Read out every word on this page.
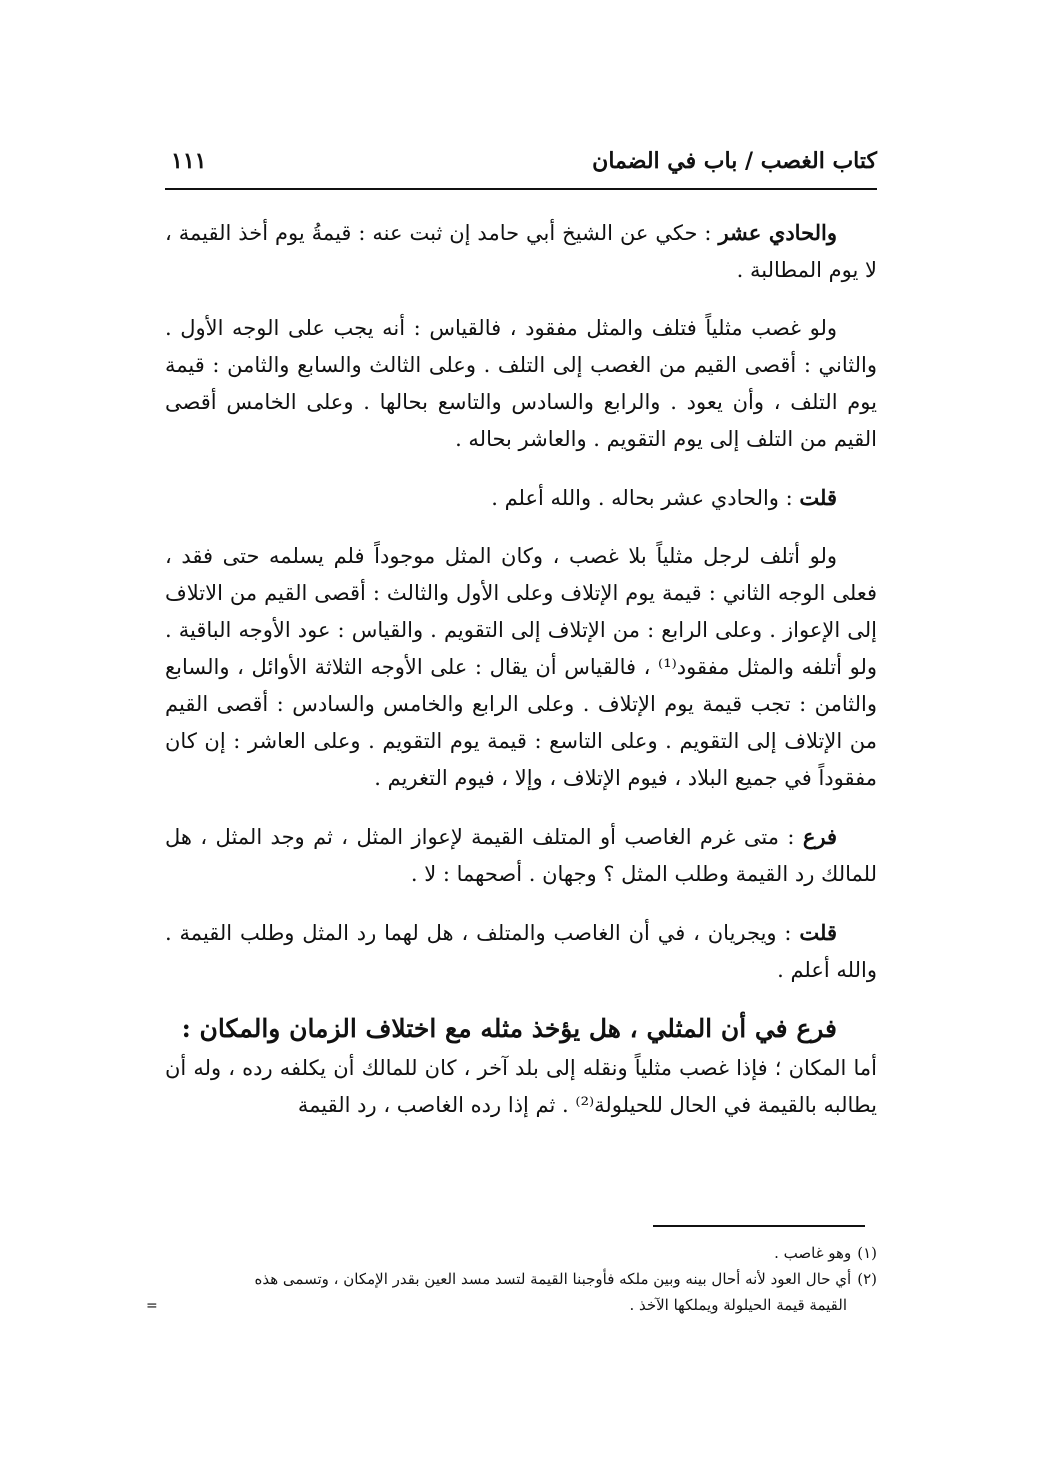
كتاب الغصب / باب في الضمان
١١١

والحادي عشر : حكي عن الشيخ أبي حامد إن ثبت عنه : قيمةُ يوم أخذ القيمة ، لا يوم المطالبة .

ولو غصب مثلياً فتلف والمثل مفقود ، فالقياس : أنه يجب على الوجه الأول . والثاني : أقصى القيم من الغصب إلى التلف . وعلى الثالث والسابع والثامن : قيمة يوم التلف ، وأن يعود . والرابع والسادس والتاسع بحالها . وعلى الخامس أقصى القيم من التلف إلى يوم التقويم . والعاشر بحاله .

قلت : والحادي عشر بحاله . والله أعلم .

ولو أتلف لرجل مثلياً بلا غصب ، وكان المثل موجوداً فلم يسلمه حتى فقد ، فعلى الوجه الثاني : قيمة يوم الإتلاف وعلى الأول والثالث : أقصى القيم من الاتلاف إلى الإعواز . وعلى الرابع : من الإتلاف إلى التقويم . والقياس : عود الأوجه الباقية . ولو أتلفه والمثل مفقود⁽¹⁾ ، فالقياس أن يقال : على الأوجه الثلاثة الأوائل ، والسابع والثامن : تجب قيمة يوم الإتلاف . وعلى الرابع والخامس والسادس : أقصى القيم من الإتلاف إلى التقويم . وعلى التاسع : قيمة يوم التقويم . وعلى العاشر : إن كان مفقوداً في جميع البلاد ، فيوم الإتلاف ، وإلا ، فيوم التغريم .

فرع : متى غرم الغاصب أو المتلف القيمة لإعواز المثل ، ثم وجد المثل ، هل للمالك رد القيمة وطلب المثل ؟ وجهان . أصحهما : لا .

قلت : ويجريان ، في أن الغاصب والمتلف ، هل لهما رد المثل وطلب القيمة . والله أعلم .

فرع في أن المثلي ، هل يؤخذ مثله مع اختلاف الزمان والمكان :

أما المكان ؛ فإذا غصب مثلياً ونقله إلى بلد آخر ، كان للمالك أن يكلفه رده ، وله أن يطالبه بالقيمة في الحال للحيلولة⁽²⁾ . ثم إذا رده الغاصب ، رد القيمة

(١)وهو غاصب .
(٢)أي حال العود لأنه أحال بينه وبين ملكه فأوجبنا القيمة لتسد مسد العين بقدر الإمكان ، وتسمى هذه
القيمة قيمة الحيلولة ويملكها الآخذ .
=
